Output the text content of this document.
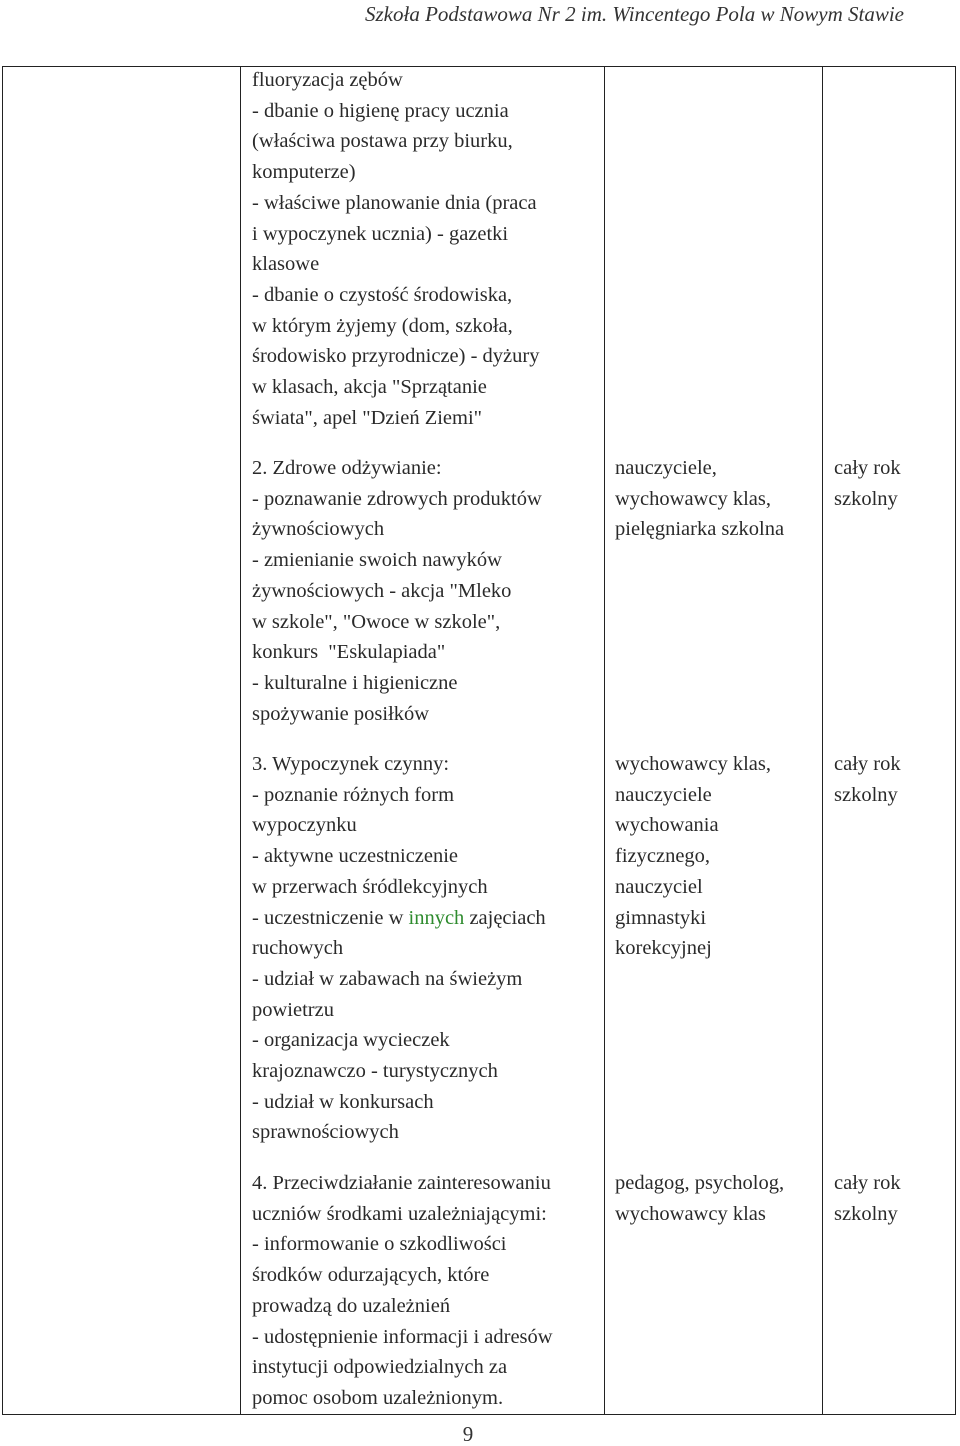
Szkoła Podstawowa Nr 2 im. Wincentego Pola w Nowym Stawie
fluoryzacja zębów
- dbanie o higienę pracy ucznia
(właściwa postawa przy biurku,
komputerze)
- właściwe planowanie dnia (praca
i wypoczynek ucznia) - gazetki
klasowe
- dbanie o czystość środowiska,
w którym żyjemy (dom, szkoła,
środowisko przyrodnicze) - dyżury
w klasach, akcja "Sprzątanie
świata", apel "Dzień Ziemi"
2. Zdrowe odżywianie:
- poznawanie zdrowych produktów
żywnościowych
- zmienianie swoich nawyków
żywnościowych - akcja "Mleko
w szkole", "Owoce w szkole",
konkurs  "Eskulapiada"
- kulturalne i higieniczne
spożywanie posiłków
nauczyciele,
wychowawcy klas,
pielęgniarka szkolna
cały rok
szkolny
3. Wypoczynek czynny:
- poznanie różnych form
wypoczynku
- aktywne uczestniczenie
w przerwach śródlekcyjnych
- uczestniczenie w innych zajęciach
ruchowych
- udział w zabawach na świeżym
powietrzu
- organizacja wycieczek
krajoznawczo - turystycznych
- udział w konkursach
sprawnościowych
wychowawcy klas,
nauczyciele
wychowania
fizycznego,
nauczyciel
gimnastyki
korekcyjnej
cały rok
szkolny
4. Przeciwdziałanie zainteresowaniu
uczniów środkami uzależniającymi:
- informowanie o szkodliwości
środków odurzających, które
prowadzą do uzależnień
- udostępnienie informacji i adresów
instytucji odpowiedzialnych za
pomoc osobom uzależnionym.
pedagog, psycholog,
wychowawcy klas
cały rok
szkolny
9
